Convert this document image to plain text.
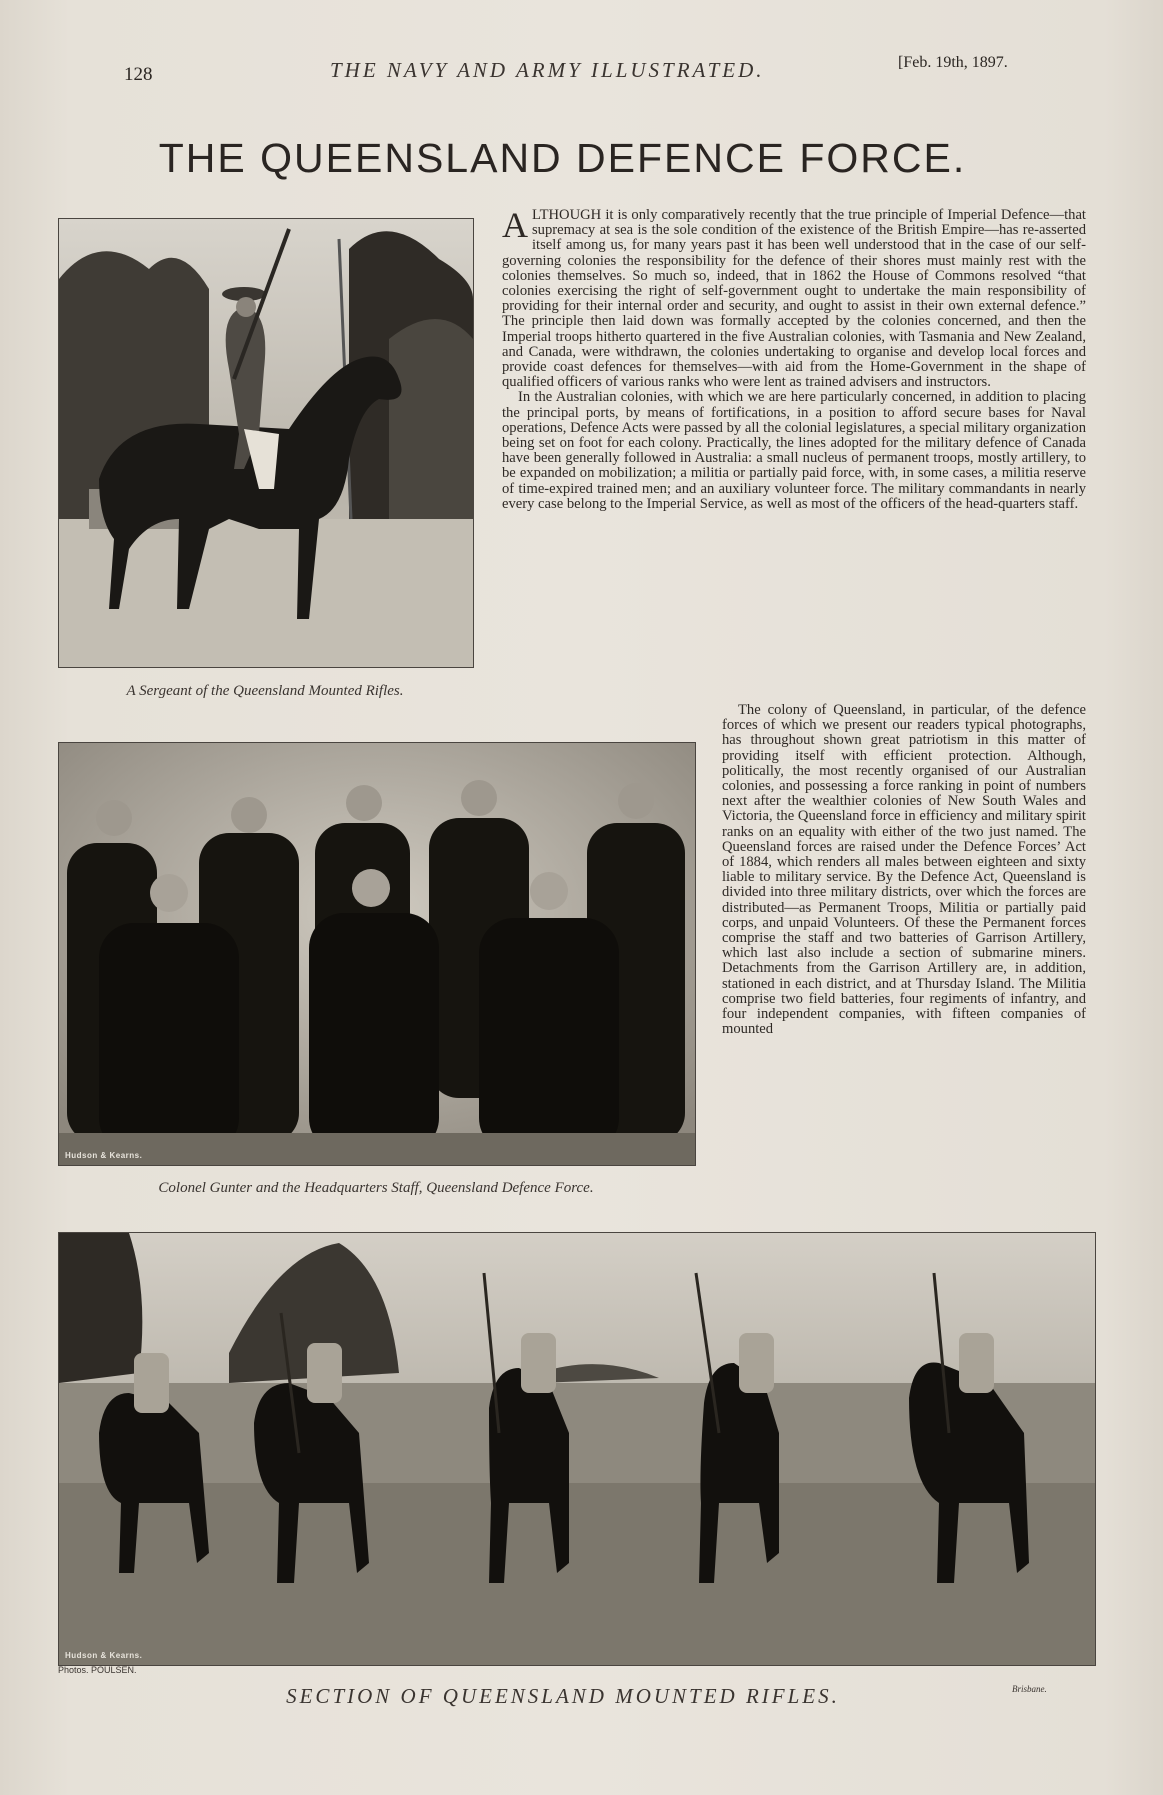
128	THE NAVY AND ARMY ILLUSTRATED.	[Feb. 19th, 1897.
THE QUEENSLAND DEFENCE FORCE.
A Sergeant of the Queensland Mounted Rifles.

ALTHOUGH it is only comparatively recently that the true principle of Imperial Defence—that supremacy at sea is the sole condition of the existence of the British Empire—has re-asserted itself among us, for many years past it has been well understood that in the case of our self-governing colonies the responsibility for the defence of their shores must mainly rest with the colonies themselves. So much so, indeed, that in 1862 the House of Commons resolved “that colonies exercising the right of self-government ought to undertake the main responsibility of providing for their internal order and security, and ought to assist in their own external defence.” The principle then laid down was formally accepted by the colonies concerned, and then the Imperial troops hitherto quartered in the five Australian colonies, with Tasmania and New Zealand, and Canada, were withdrawn, the colonies undertaking to organise and develop local forces and provide coast defences for themselves—with aid from the Home-Government in the shape of qualified officers of various ranks who were lent as trained advisers and instructors.

In the Australian colonies, with which we are here particularly concerned, in addition to placing the principal ports, by means of fortifications, in a position to afford secure bases for Naval operations, Defence Acts were passed by all the colonial legislatures, a special military organization being set on foot for each colony. Practically, the lines adopted for the military defence of Canada have been generally followed in Australia: a small nucleus of permanent troops, mostly artillery, to be expanded on mobilization; a militia or partially paid force, with, in some cases, a militia reserve of time-expired trained men; and an auxiliary volunteer force. The military commandants in nearly every case belong to the Imperial Service, as well as most of the officers of the head-quarters staff.

Hudson & Kearns.
Colonel Gunter and the Headquarters Staff, Queensland Defence Force.

The colony of Queensland, in particular, of the defence forces of which we present our readers typical photographs, has throughout shown great patriotism in this matter of providing itself with efficient protection. Although, politically, the most recently organised of our Australian colonies, and possessing a force ranking in point of numbers next after the wealthier colonies of New South Wales and Victoria, the Queensland force in efficiency and military spirit ranks on an equality with either of the two just named. The Queensland forces are raised under the Defence Forces’ Act of 1884, which renders all males between eighteen and sixty liable to military service. By the Defence Act, Queensland is divided into three military districts, over which the forces are distributed—as Permanent Troops, Militia or partially paid corps, and unpaid Volunteers. Of these the Permanent forces comprise the staff and two batteries of Garrison Artillery, which last also include a section of submarine miners. Detachments from the Garrison Artillery are, in addition, stationed in each district, and at Thursday Island. The Militia comprise two field batteries, four regiments of infantry, and four independent companies, with fifteen companies of mounted

Hudson & Kearns.
Photos. POULSEN.
SECTION OF QUEENSLAND MOUNTED RIFLES.	Brisbane.
